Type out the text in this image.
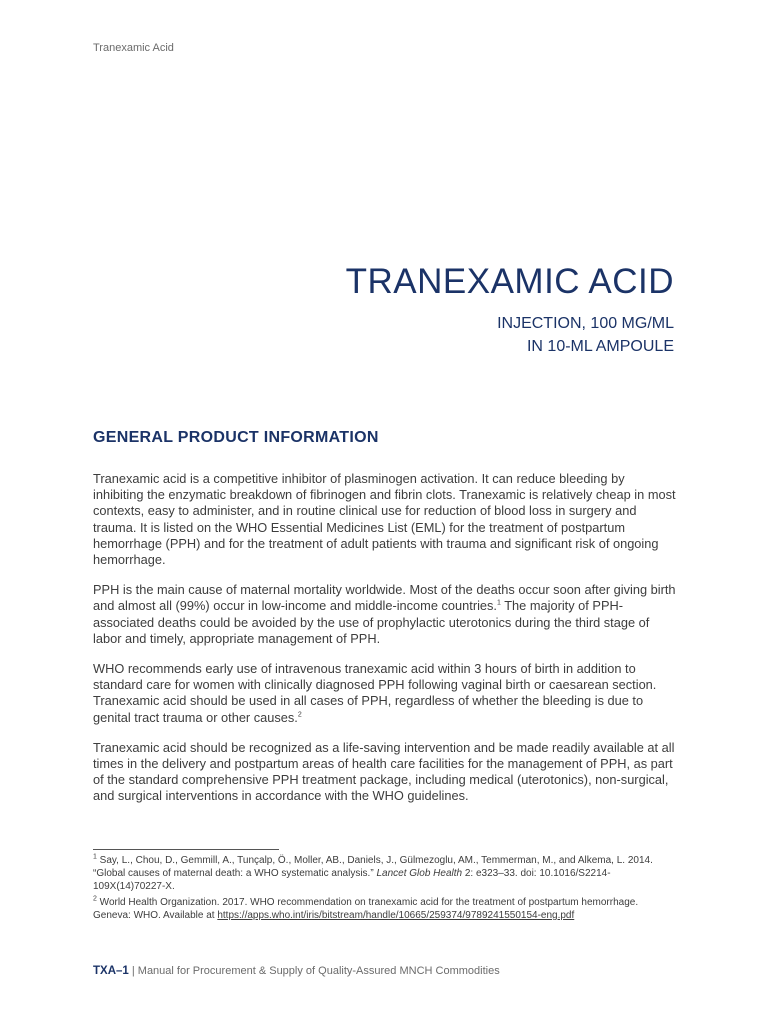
Tranexamic Acid
TRANEXAMIC ACID
INJECTION, 100 MG/ML
IN 10-ML AMPOULE
GENERAL PRODUCT INFORMATION

Tranexamic acid is a competitive inhibitor of plasminogen activation. It can reduce bleeding by inhibiting the enzymatic breakdown of fibrinogen and fibrin clots. Tranexamic is relatively cheap in most contexts, easy to administer, and in routine clinical use for reduction of blood loss in surgery and trauma. It is listed on the WHO Essential Medicines List (EML) for the treatment of postpartum hemorrhage (PPH) and for the treatment of adult patients with trauma and significant risk of ongoing hemorrhage.

PPH is the main cause of maternal mortality worldwide. Most of the deaths occur soon after giving birth and almost all (99%) occur in low-income and middle-income countries.$^1$ The majority of PPH-associated deaths could be avoided by the use of prophylactic uterotonics during the third stage of labor and timely, appropriate management of PPH.

WHO recommends early use of intravenous tranexamic acid within 3 hours of birth in addition to standard care for women with clinically diagnosed PPH following vaginal birth or caesarean section. Tranexamic acid should be used in all cases of PPH, regardless of whether the bleeding is due to genital tract trauma or other causes.$^2$

Tranexamic acid should be recognized as a life-saving intervention and be made readily available at all times in the delivery and postpartum areas of health care facilities for the management of PPH, as part of the standard comprehensive PPH treatment package, including medical (uterotonics), non-surgical, and surgical interventions in accordance with the WHO guidelines.

$^1$ Say, L., Chou, D., Gemmill, A., Tunçalp, Ö., Moller, AB., Daniels, J., Gülmezoglu, AM., Temmerman, M., and Alkema, L. 2014. “Global causes of maternal death: a WHO systematic analysis.” Lancet Glob Health 2: e323–33. doi: 10.1016/S2214-109X(14)70227-X.

$^2$ World Health Organization. 2017. WHO recommendation on tranexamic acid for the treatment of postpartum hemorrhage. Geneva: WHO. Available at https://apps.who.int/iris/bitstream/handle/10665/259374/9789241550154-eng.pdf

TXA–1 | Manual for Procurement & Supply of Quality-Assured MNCH Commodities
